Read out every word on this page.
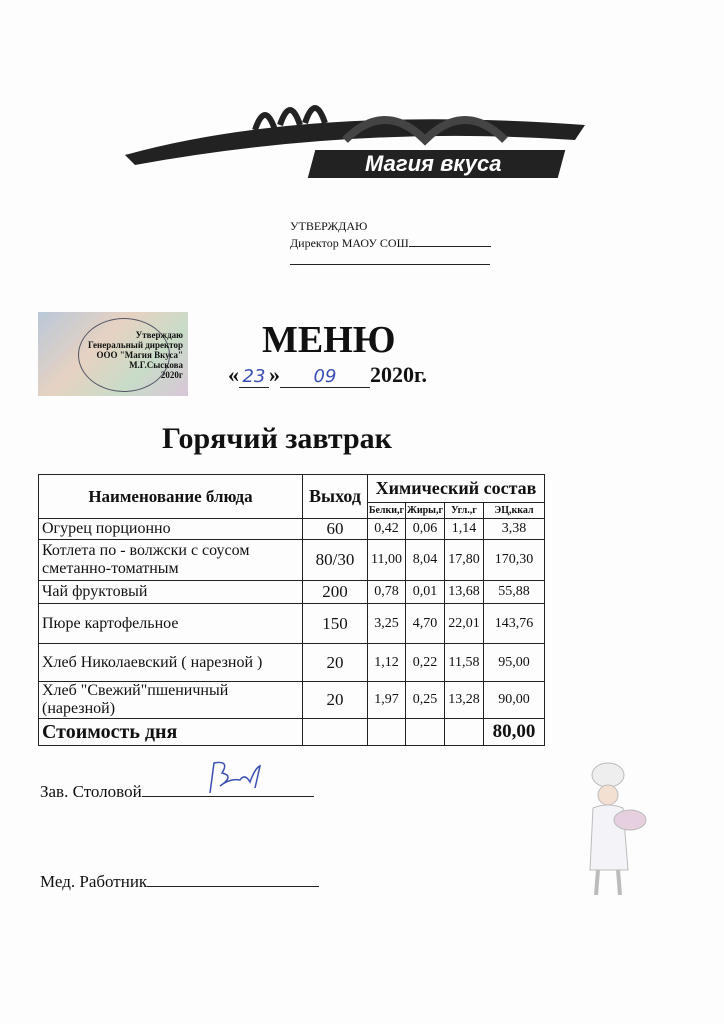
Магия вкуса
УТВЕРЖДАЮ
Директор МАОУ СОШ
Утверждаю
Генеральный директор
ООО "Магия Вкуса"
М.Г.Сыскова
2020г
МЕНЮ
« 23 » 09 2020г.
Горячий завтрак
Наименование блюда	Выход	Химический состав			
		Белки,г	Жиры,г	Угл.,г	ЭЦ,ккал
Огурец порционно	60	0,42	0,06	1,14	3,38
Котлета по - волжски с соусом сметанно-томатным	80/30	11,00	8,04	17,80	170,30
Чай фруктовый	200	0,78	0,01	13,68	55,88
Пюре картофельное	150	3,25	4,70	22,01	143,76
Хлеб Николаевский ( нарезной )	20	1,12	0,22	11,58	95,00
Хлеб "Свежий"пшеничный (нарезной)	20	1,97	0,25	13,28	90,00
Стоимость дня					80,00
Зав. Столовой
Мед. Работник
